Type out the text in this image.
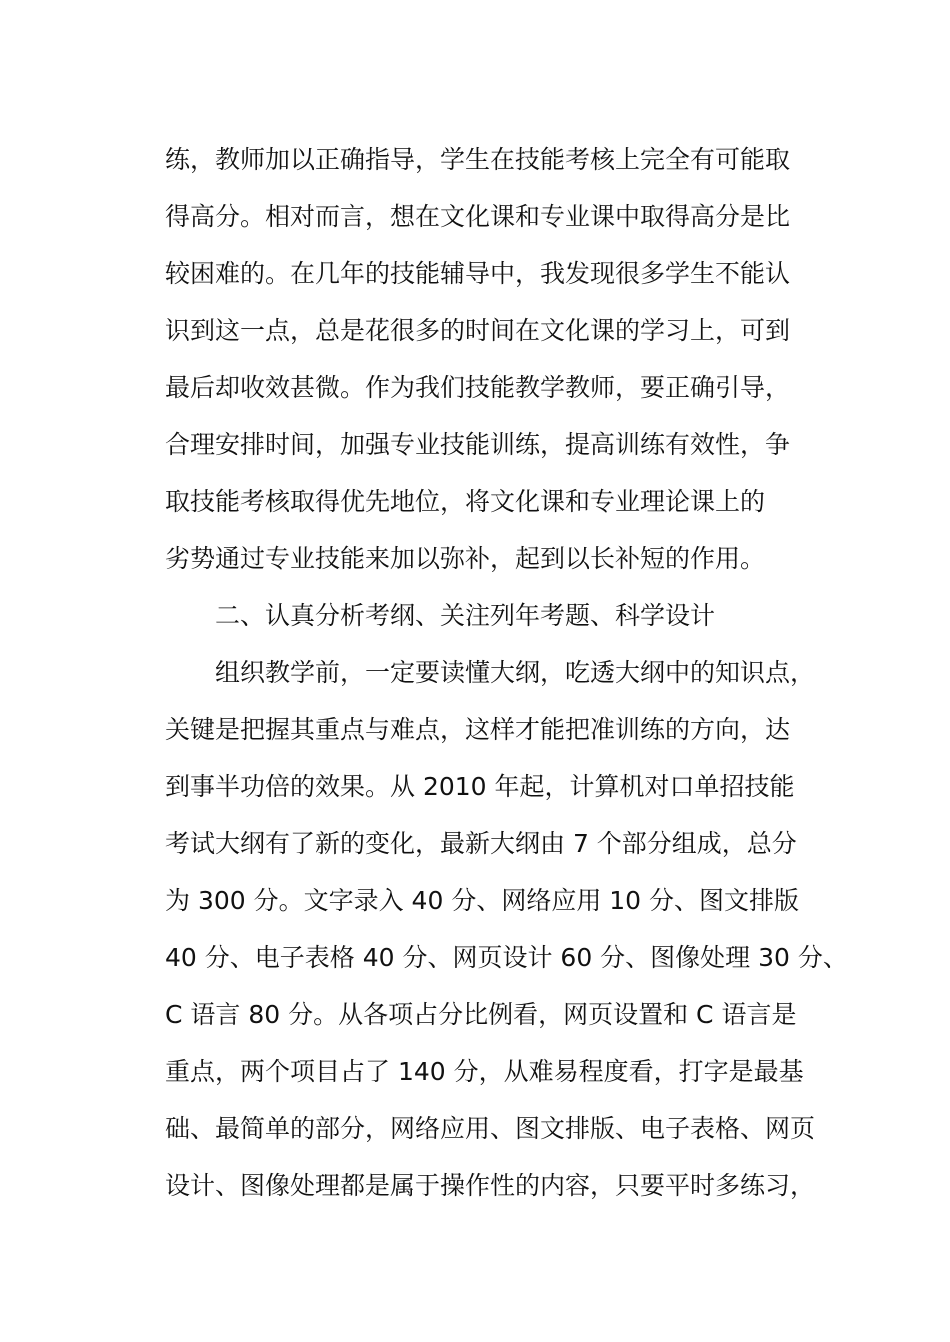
练，教师加以正确指导，学生在技能考核上完全有可能取
得高分。相对而言，想在文化课和专业课中取得高分是比
较困难的。在几年的技能辅导中，我发现很多学生不能认
识到这一点，总是花很多的时间在文化课的学习上，可到
最后却收效甚微。作为我们技能教学教师，要正确引导，
合理安排时间，加强专业技能训练，提高训练有效性，争
取技能考核取得优先地位，将文化课和专业理论课上的
劣势通过专业技能来加以弥补，起到以长补短的作用。
二、认真分析考纲、关注列年考题、科学设计
组织教学前，一定要读懂大纲，吃透大纲中的知识点，
关键是把握其重点与难点，这样才能把准训练的方向，达
到事半功倍的效果。从 2010 年起，计算机对口单招技能
考试大纲有了新的变化，最新大纲由 7 个部分组成，总分
为 300 分。文字录入 40 分、网络应用 10 分、图文排版
40 分、电子表格 40 分、网页设计 60 分、图像处理 30 分、
C 语言 80 分。从各项占分比例看，网页设置和 C 语言是
重点，两个项目占了 140 分，从难易程度看，打字是最基
础、最简单的部分，网络应用、图文排版、电子表格、网页
设计、图像处理都是属于操作性的内容，只要平时多练习，
